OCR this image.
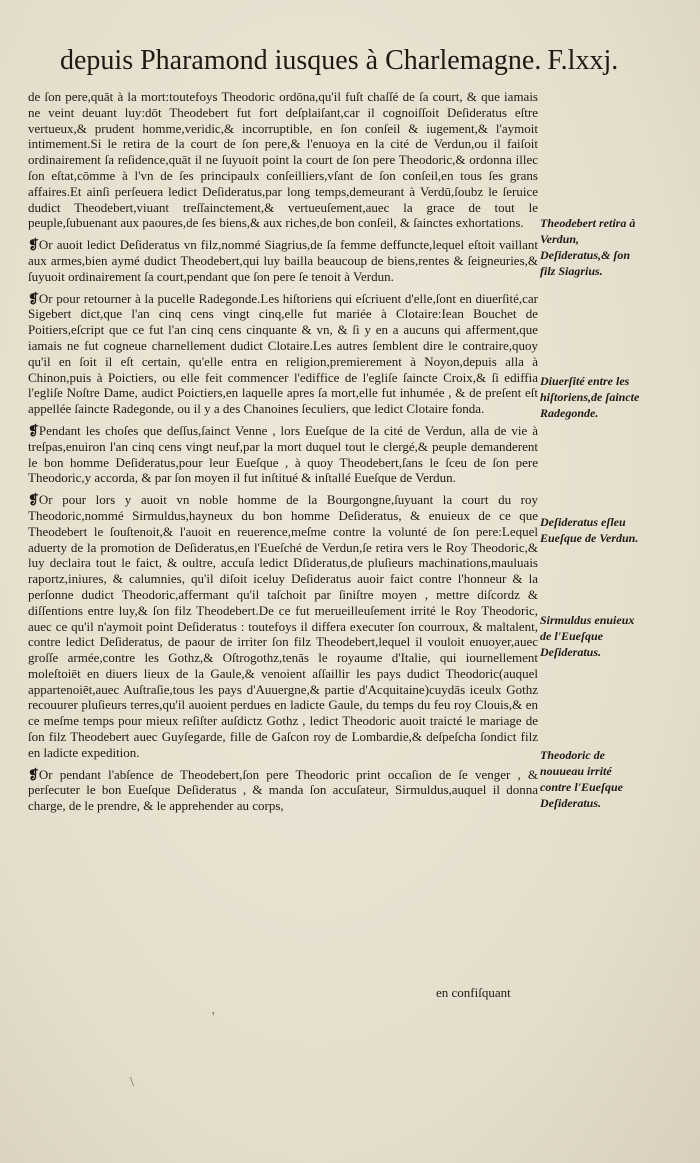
depuis Pharamond iusques à Charlemagne. F.lxxj.

de ſon pere,quāt à la mort:toutefoys Theodoric ordōna,qu'il fuſt chaſſé de ſa court, & que iamais ne veint deuant luy:dōt Theodebert fut fort deſplaiſant,car il cognoiſſoit Deſideratus eſtre vertueux,& prudent homme,veridic,& incorruptible, en ſon conſeil & iugement,& l'aymoit intimement.Si le retira de la court de ſon pere,& l'enuoya en la cité de Verdun,ou il faiſoit ordinairement ſa reſidence,quāt il ne ſuyuoit point la court de ſon pere Theodoric,& ordonna illec ſon eſtat,cōmme à l'vn de ſes principaulx conſeilliers,vſant de ſon conſeil,en tous ſes grans affaires.Et ainſi perſeuera ledict Deſideratus,par long temps,demeurant à Verdū,ſoubz le ſeruice dudict Theodebert,viuant treſſainctement,& vertueuſement,auec la grace de tout le peuple,ſubuenant aux paoures,de ſes biens,& aux riches,de bon conſeil, & ſainctes exhortations.

❡Or auoit ledict Deſideratus vn filz,nommé Siagrius,de ſa femme deffuncte,lequel eſtoit vaillant aux armes,bien aymé dudict Theodebert,qui luy bailla beaucoup de biens,rentes & ſeigneuries,& ſuyuoit ordinairement ſa court,pendant que ſon pere ſe tenoit à Verdun.

❡Or pour retourner à la pucelle Radegonde.Les hiſtoriens qui eſcriuent d'elle,ſont en diuerſité,car Sigebert dict,que l'an cinq cens vingt cinq,elle fut mariée à Clotaire:Iean Bouchet de Poitiers,eſcript que ce fut l'an cinq cens cinquante & vn, & ſi y en a aucuns qui afferment,que iamais ne fut cogneue charnellement dudict Clotaire.Les autres ſemblent dire le contraire,quoy qu'il en ſoit il eſt certain, qu'elle entra en religion,premierement à Noyon,depuis alla à Chinon,puis à Poictiers, ou elle feit commencer l'ediffice de l'egliſe ſaincte Croix,& ſi ediffia l'egliſe Noſtre Dame, audict Poictiers,en laquelle apres ſa mort,elle fut inhumée , & de preſent eſt appellée ſaincte Radegonde, ou il y a des Chanoines ſeculiers, que ledict Clotaire fonda.

❡Pendant les choſes que deſſus,ſainct Venne , lors Eueſque de la cité de Verdun, alla de vie à treſpas,enuiron l'an cinq cens vingt neuf,par la mort duquel tout le clergé,& peuple demanderent le bon homme Deſideratus,pour leur Eueſque , à quoy Theodebert,ſans le ſceu de ſon pere Theodoric,y accorda, & par ſon moyen il fut inſtitué & inſtallé Eueſque de Verdun.

❡Or pour lors y auoit vn noble homme de la Bourgongne,ſuyuant la court du roy Theodoric,nommé Sirmuldus,hayneux du bon homme Deſideratus, & enuieux de ce que Theodebert le ſouſtenoit,& l'auoit en reuerence,meſme contre la volunté de ſon pere:Lequel aduerty de la promotion de Deſideratus,en l'Eueſché de Verdun,ſe retira vers le Roy Theodoric,& luy declaira tout le faict, & oultre, accuſa ledict Dſideratus,de pluſieurs machinations,mauluais raportz,iniures, & calumnies, qu'il diſoit iceluy Deſideratus auoir faict contre l'honneur & la perſonne dudict Theodoric,affermant qu'il taſchoit par ſiniſtre moyen , mettre diſcordz & diſſentions entre luy,& ſon filz Theodebert.De ce fut merueilleuſement irrité le Roy Theodoric, auec ce qu'il n'aymoit point Deſideratus : toutefoys il differa executer ſon courroux, & maltalent, contre ledict Deſideratus, de paour de irriter ſon filz Theodebert,lequel il vouloit enuoyer,auec groſſe armée,contre les Gothz,& Oſtrogothz,tenās le royaume d'Italie, qui iournellement moleſtoiēt en diuers lieux de la Gaule,& venoient aſſaillir les pays dudict Theodoric(auquel appartenoiēt,auec Auſtraſie,tous les pays d'Auuergne,& partie d'Acquitaine)cuydās iceulx Gothz recouurer pluſieurs terres,qu'il auoient perdues en ladicte Gaule, du temps du feu roy Clouis,& en ce meſme temps pour mieux reſiſter auſdictz Gothz , ledict Theodoric auoit traicté le mariage de ſon filz Theodebert auec Guyſegarde, fille de Gaſcon roy de Lombardie,& deſpeſcha ſondict filz en ladicte expedition.

❡Or pendant l'abſence de Theodebert,ſon pere Theodoric print occaſion de ſe venger , & perſecuter le bon Eueſque Deſideratus , & manda ſon accuſateur, Sirmuldus,auquel il donna charge, de le prendre, & le apprehender au corps,

en confiſquant
Theodebert retira à Verdun, Deſideratus,& ſon filz Siagrius.
Diuerſité entre les hiſtoriens,de ſaincte Radegonde.
Deſideratus eſleu Eueſque de Verdun.
Sirmuldus enuieux de l'Eueſque Deſideratus.
Theodoric de nouueau irrité contre l'Eueſque Deſideratus.
'
\
